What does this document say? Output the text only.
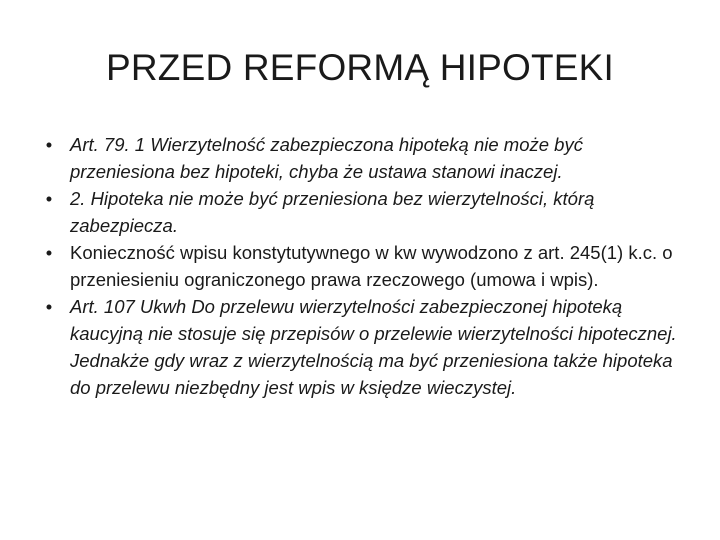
PRZED REFORMĄ HIPOTEKI
• Art. 79. 1 Wierzytelność zabezpieczona hipoteką nie może być przeniesiona bez hipoteki, chyba że ustawa stanowi inaczej.
• 2. Hipoteka nie może być przeniesiona bez wierzytelności, którą zabezpiecza.
• Konieczność wpisu konstytutywnego w kw wywodzono z art. 245(1) k.c. o przeniesieniu ograniczonego prawa rzeczowego (umowa i wpis).
• Art. 107 Ukwh Do przelewu wierzytelności zabezpieczonej hipoteką kaucyjną nie stosuje się przepisów o przelewie wierzytelności hipotecznej. Jednakże gdy wraz z wierzytelnością ma być przeniesiona także hipoteka do przelewu niezbędny jest wpis w księdze wieczystej.
